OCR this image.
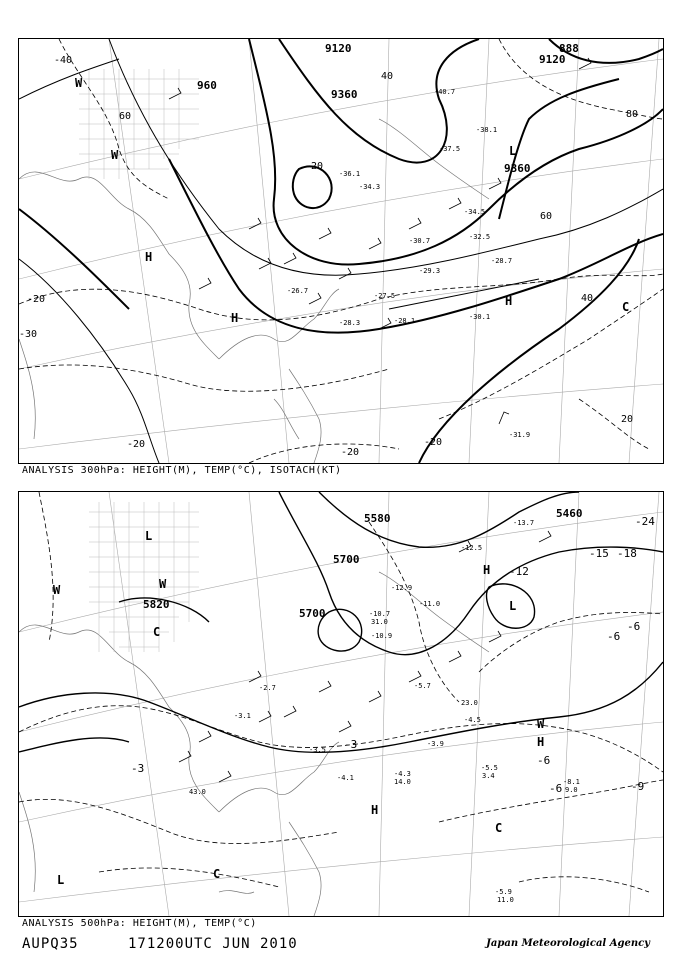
9120
9120
9360
9360
960
888
20
40
60	80
60
40
20
-20
-20
-20
-20
-30
-40
H
H
H
L
W
W
C
-30.1
-31.9
-28.1
-28.3
-27.5
-26.7
-34.3
-36.1
-38.1
-28.7
-29.3
-30.7	-32.5
-34.5
-37.5
-40.7
ANALYSIS 300hPa: HEIGHT(M), TEMP(°C), ISOTACH(KT)
5700
5700
5820
5460
5580
-3
-3
-9
-12
-15 -18
-24
-6
-6
-6
-6
H
H
H
L
L
L
W	W
W
C
C
C
-5.5
-8.1
-5.9
-4.3
-4.1
-12.9
-10.7
-11.0
-12.5
-13.7
-10.9
-5.7
-4.5
-3.9
-3.5
-3.1
-2.7
14.0
9.0
3.4
11.0
23.0
31.0
43.0
ANALYSIS 500hPa: HEIGHT(M), TEMP(°C)
AUPQ35	171200UTC JUN 2010	Japan Meteorological Agency
